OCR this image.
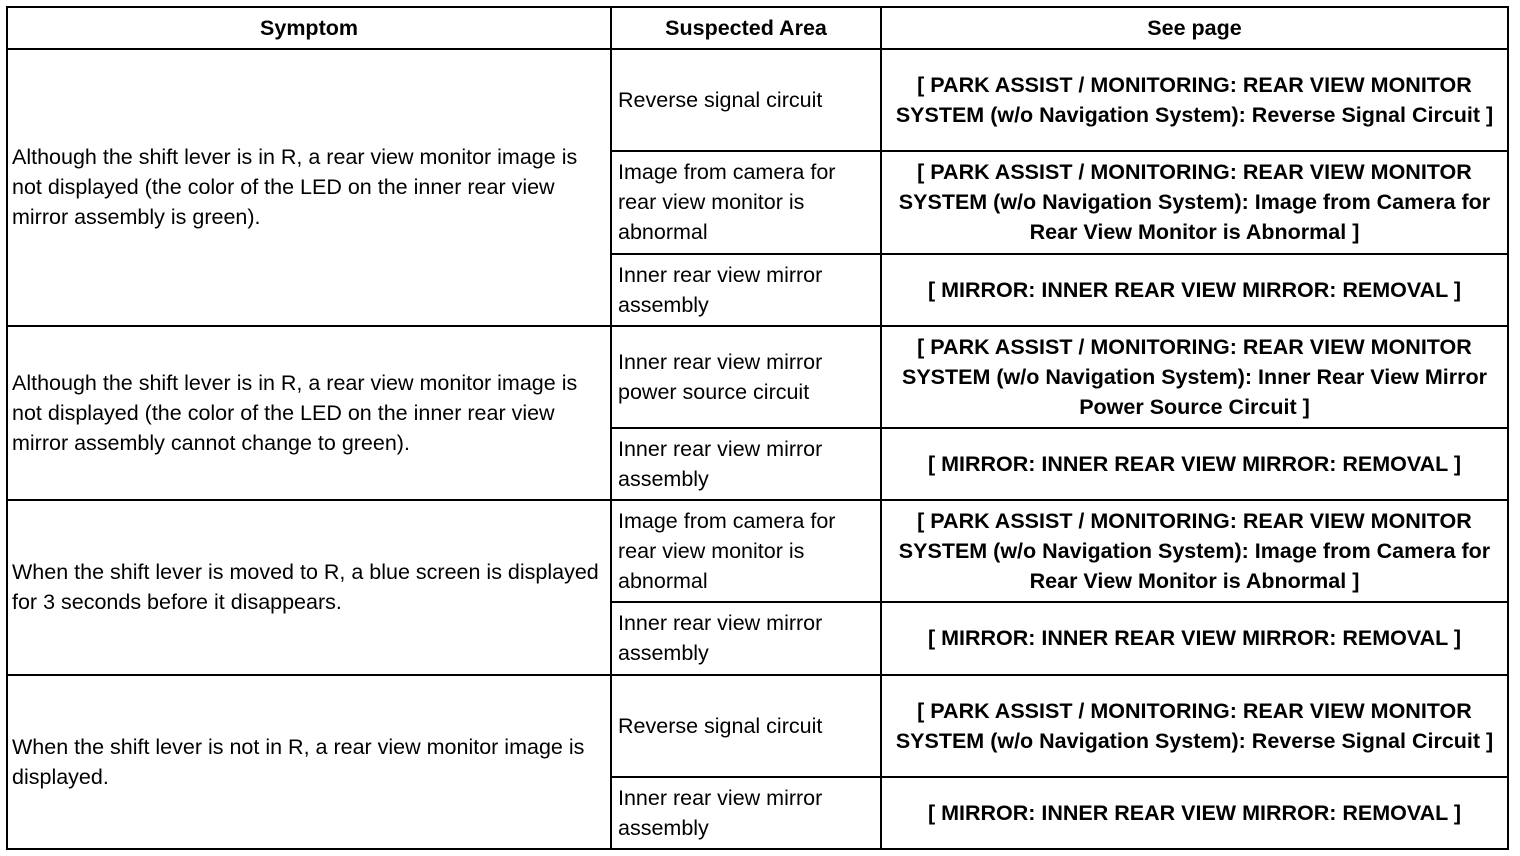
Symptom	Suspected Area	See page
Although the shift lever is in R, a rear view monitor image is not displayed (the color of the LED on the inner rear view mirror assembly is green).	Reverse signal circuit	[ PARK ASSIST / MONITORING: REAR VIEW MONITOR SYSTEM (w/o Navigation System): Reverse Signal Circuit ]
	Image from camera for rear view monitor is abnormal	[ PARK ASSIST / MONITORING: REAR VIEW MONITOR SYSTEM (w/o Navigation System): Image from Camera for Rear View Monitor is Abnormal ]
	Inner rear view mirror assembly	[ MIRROR: INNER REAR VIEW MIRROR: REMOVAL ]
Although the shift lever is in R, a rear view monitor image is not displayed (the color of the LED on the inner rear view mirror assembly cannot change to green).	Inner rear view mirror power source circuit	[ PARK ASSIST / MONITORING: REAR VIEW MONITOR SYSTEM (w/o Navigation System): Inner Rear View Mirror Power Source Circuit ]
	Inner rear view mirror assembly	[ MIRROR: INNER REAR VIEW MIRROR: REMOVAL ]
When the shift lever is moved to R, a blue screen is displayed for 3 seconds before it disappears.	Image from camera for rear view monitor is abnormal	[ PARK ASSIST / MONITORING: REAR VIEW MONITOR SYSTEM (w/o Navigation System): Image from Camera for Rear View Monitor is Abnormal ]
	Inner rear view mirror assembly	[ MIRROR: INNER REAR VIEW MIRROR: REMOVAL ]
When the shift lever is not in R, a rear view monitor image is displayed.	Reverse signal circuit	[ PARK ASSIST / MONITORING: REAR VIEW MONITOR SYSTEM (w/o Navigation System): Reverse Signal Circuit ]
	Inner rear view mirror assembly	[ MIRROR: INNER REAR VIEW MIRROR: REMOVAL ]
